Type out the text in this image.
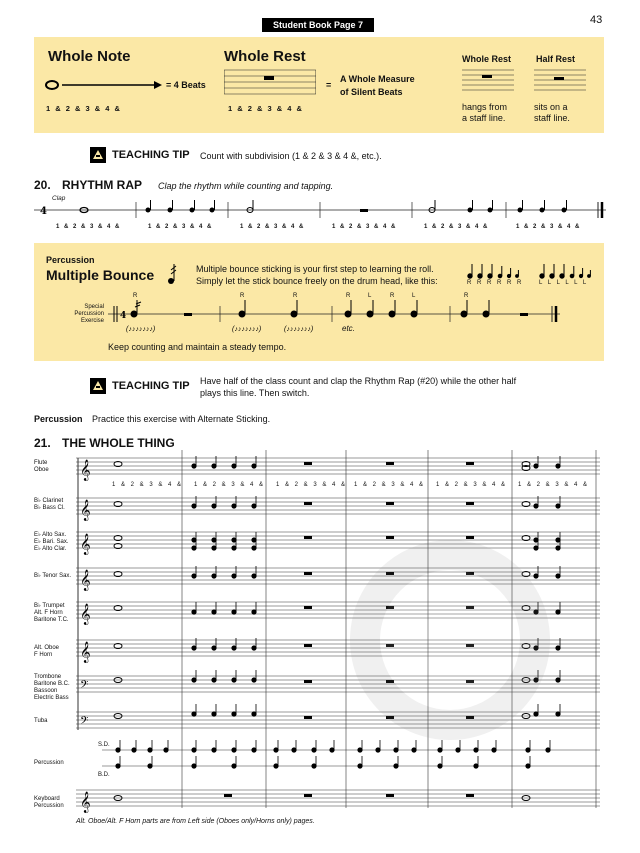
43
Student Book Page 7
Whole Note
= 4 Beats
1 & 2 & 3 & 4 &
Whole Rest
=
A Whole Measure
of Silent Beats
1 & 2 & 3 & 4 &
Whole Rest
hangs from
a staff line.
Half Rest
sits on a
staff line.
TEACHING TIP Count with subdivision (1 & 2 & 3 & 4 &, etc.).
20. RHYTHM RAP Clap the rhythm while counting and tapping.
Clap
4
1 & 2 & 3 & 4 &	1 & 2 & 3 & 4 &	1 & 2 & 3 & 4 &	1 & 2 & 3 & 4 &	1 & 2 & 3 & 4 &	1 & 2 & 3 & 4 &
Percussion
Multiple Bounce	Multiple bounce sticking is your first step to learning the roll.
Simply let the stick bounce freely on the drum head, like this:	R R R R R R	L L L L L L
Special
Percussion
Exercise 4
(♪♪♪♪♪♪♪)	(♪♪♪♪♪♪♪)	(♪♪♪♪♪♪♪)
R	R	R	R	L	R	L	R
etc.
Keep counting and maintain a steady tempo.
TEACHING TIP Have half of the class count and clap the Rhythm Rap (#20) while the other half
plays this line. Then switch.
Percussion Practice this exercise with Alternate Sticking.
21. THE WHOLE THING
Flute
Oboe
B♭ Clarinet
B♭ Bass Cl.
E♭ Alto Sax.
E♭ Bari. Sax.
E♭ Alto Clar.
B♭ Tenor Sax.
B♭ Trumpet
Alt. F Horn
Baritone T.C.
Alt. Oboe
F Horn
Trombone
Baritone B.C.
Bassoon
Electric Bass
Tuba
Percussion
Keyboard
Percussion
1 & 2 & 3 & 4 & 1 & 2 & 3 & 4 & 1 & 2 & 3 & 4 & 1 & 2 & 3 & 4 & 1 & 2 & 3 & 4 & 1 & 2 & 3 & 4 &
𝄞
𝄞
𝄞
𝄞
𝄞
𝄞
𝄞
𝄢
𝄢
S.D.
B.D.
Alt. Oboe/Alt. F Horn parts are from Left side (Oboes only/Horns only) pages.
